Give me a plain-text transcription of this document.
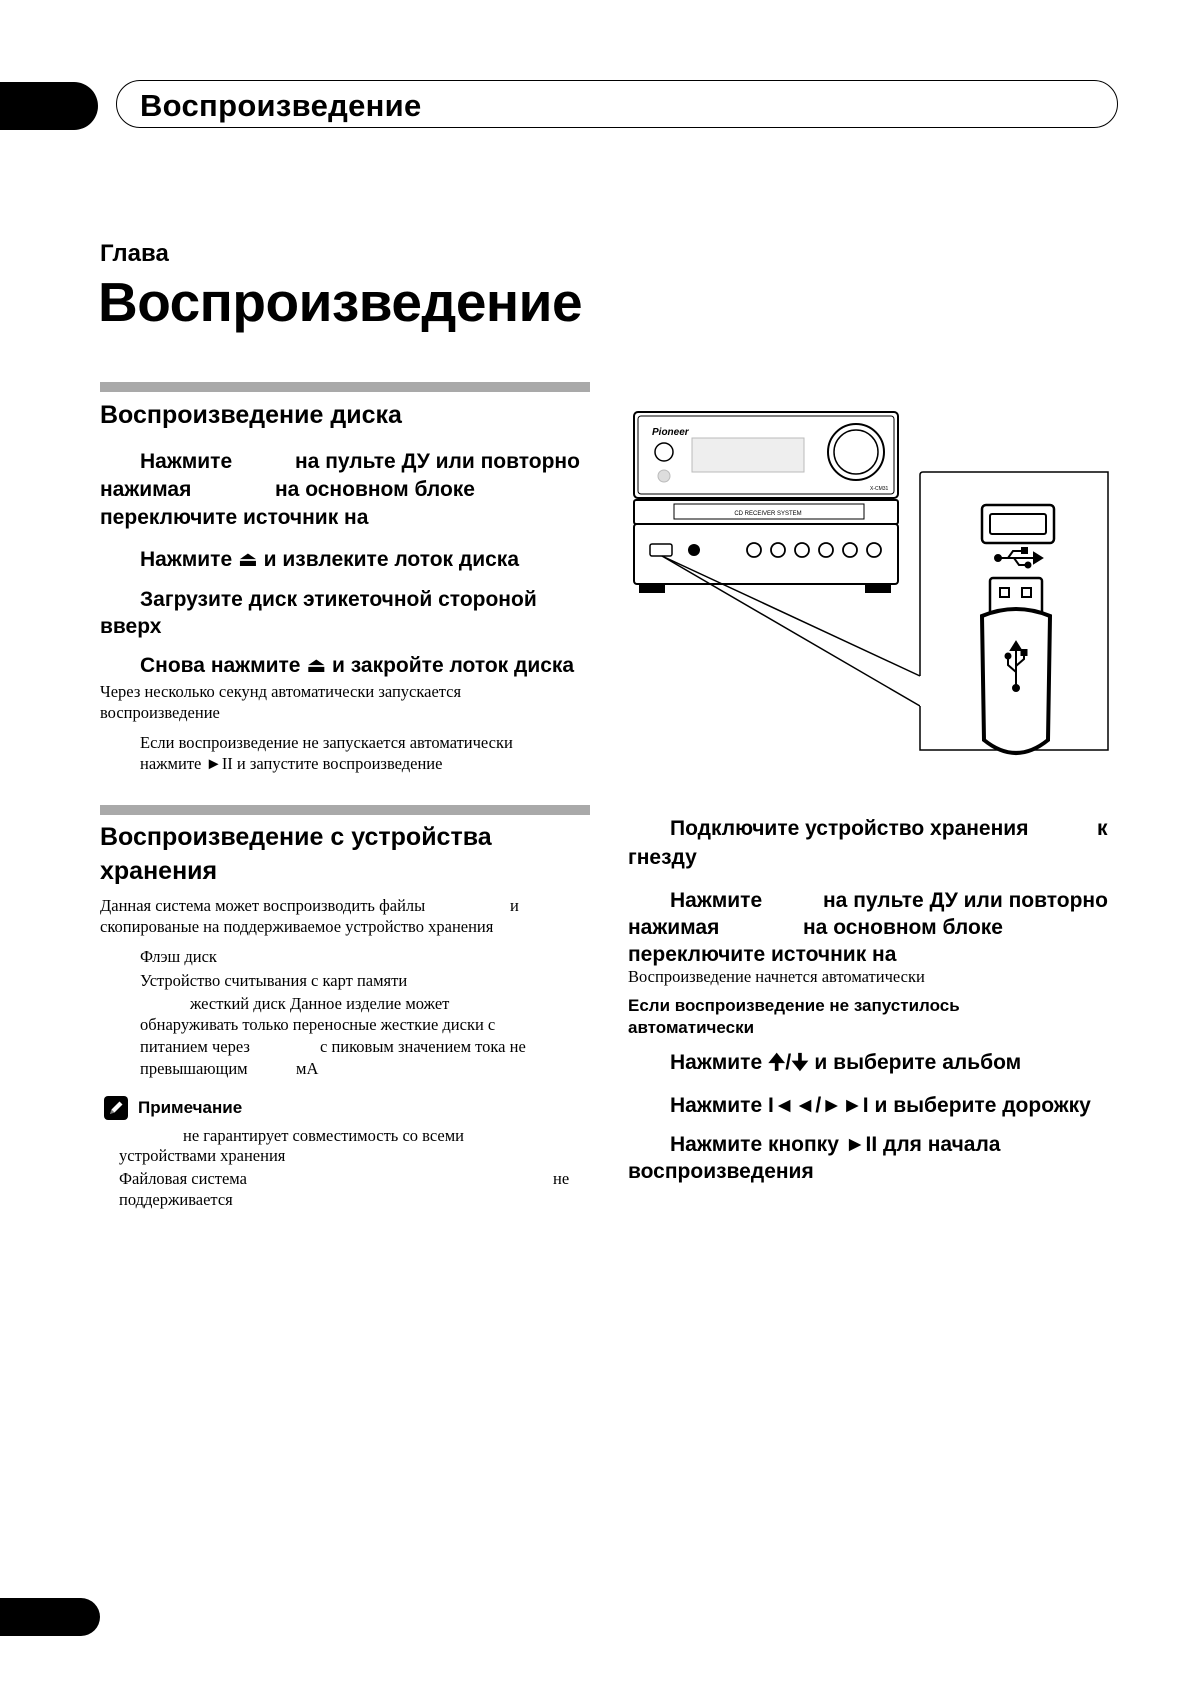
Воспроизведение
Глава
Воспроизведение
Воспроизведение диска
Нажмите	на пульте ДУ или повторно
нажимая	на основном блоке
переключите источник на
Нажмите ⏏ и извлеките лоток диска
Загрузите диск этикеточной стороной
вверх
Снова нажмите ⏏ и закройте лоток диска
Через несколько секунд автоматически запускается
воспроизведение
Если воспроизведение не запускается автоматически
нажмите ►II и запустите воспроизведение
Воспроизведение с устройства
хранения
Данная система может воспроизводить файлы	и
скопированые на поддерживаемое устройство хранения
Флэш диск
Устройство считывания с карт памяти
жесткий диск Данное изделие может
обнаруживать только переносные жесткие диски с
питанием через	с пиковым значением тока не
превышающим	мА
Примечание
не гарантирует совместимость со всеми
устройствами хранения
Файловая система	не
поддерживается
Pioneer
CD RECEIVER SYSTEM
X-CM31
Подключите устройство хранения	к
гнезду
Нажмите	на пульте ДУ или повторно
нажимая	на основном блоке
переключите источник на
Воспроизведение начнется автоматически
Если воспроизведение не запустилось
автоматически
Нажмите 🠉/🠋 и выберите альбом
Нажмите I◄◄/►►I и выберите дорожку
Нажмите кнопку ►II для начала
воспроизведения
